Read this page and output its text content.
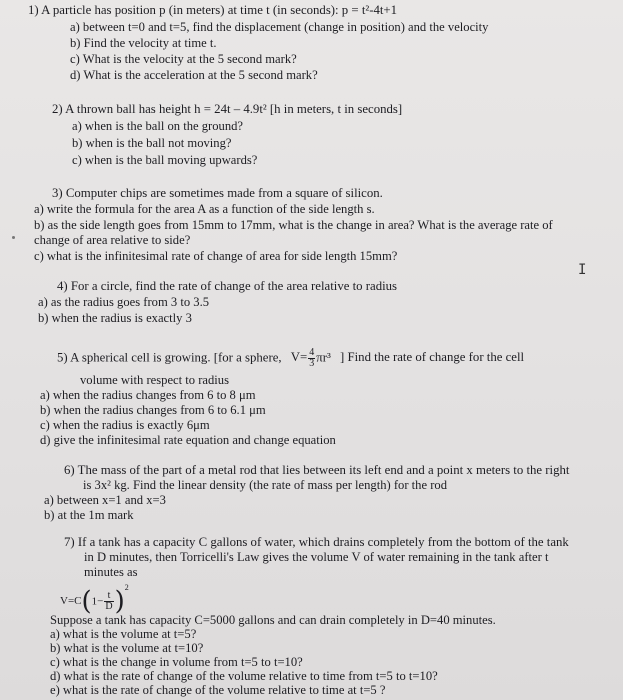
1) A particle has position p (in meters) at time t (in seconds): p = t²-4t+1
a) between t=0 and t=5, find the displacement (change in position) and the velocity
b) Find the velocity at time t.
c) What is the velocity at the 5 second mark?
d) What is the acceleration at the 5 second mark?
2) A thrown ball has height h = 24t – 4.9t² [h in meters, t in seconds]
a) when is the ball on the ground?
b) when is the ball not moving?
c) when is the ball moving upwards?
3) Computer chips are sometimes made from a square of silicon.
a) write the formula for the area A as a function of the side length s.
b) as the side length goes from 15mm to 17mm, what is the change in area? What is the average rate of
change of area relative to side?
c) what is the infinitesimal rate of change of area for side length 15mm?
I
4) For a circle, find the rate of change of the area relative to radius
a) as the radius goes from 3 to 3.5
b) when the radius is exactly 3
5) A spherical cell is growing. [for a sphere, $V= \frac{4}{3} \pi r^3$ ] Find the rate of change for the cell
volume with respect to radius
a) when the radius changes from 6 to 8 μm
b) when the radius changes from 6 to 6.1 μm
c) when the radius is exactly 6μm
d) give the infinitesimal rate equation and change equation
6) The mass of the part of a metal rod that lies between its left end and a point x meters to the right
is 3x² kg. Find the linear density (the rate of mass per length) for the rod
a) between x=1 and x=3
b) at the 1m mark
7) If a tank has a capacity C gallons of water, which drains completely from the bottom of the tank
in D minutes, then Torricelli's Law gives the volume V of water remaining in the tank after t
minutes as
$V=C(1- \frac{t}{D} )^2$
Suppose a tank has capacity C=5000 gallons and can drain completely in D=40 minutes.
a) what is the volume at t=5?
b) what is the volume at t=10?
c) what is the change in volume from t=5 to t=10?
d) what is the rate of change of the volume relative to time from t=5 to t=10?
e) what is the rate of change of the volume relative to time at t=5 ?
